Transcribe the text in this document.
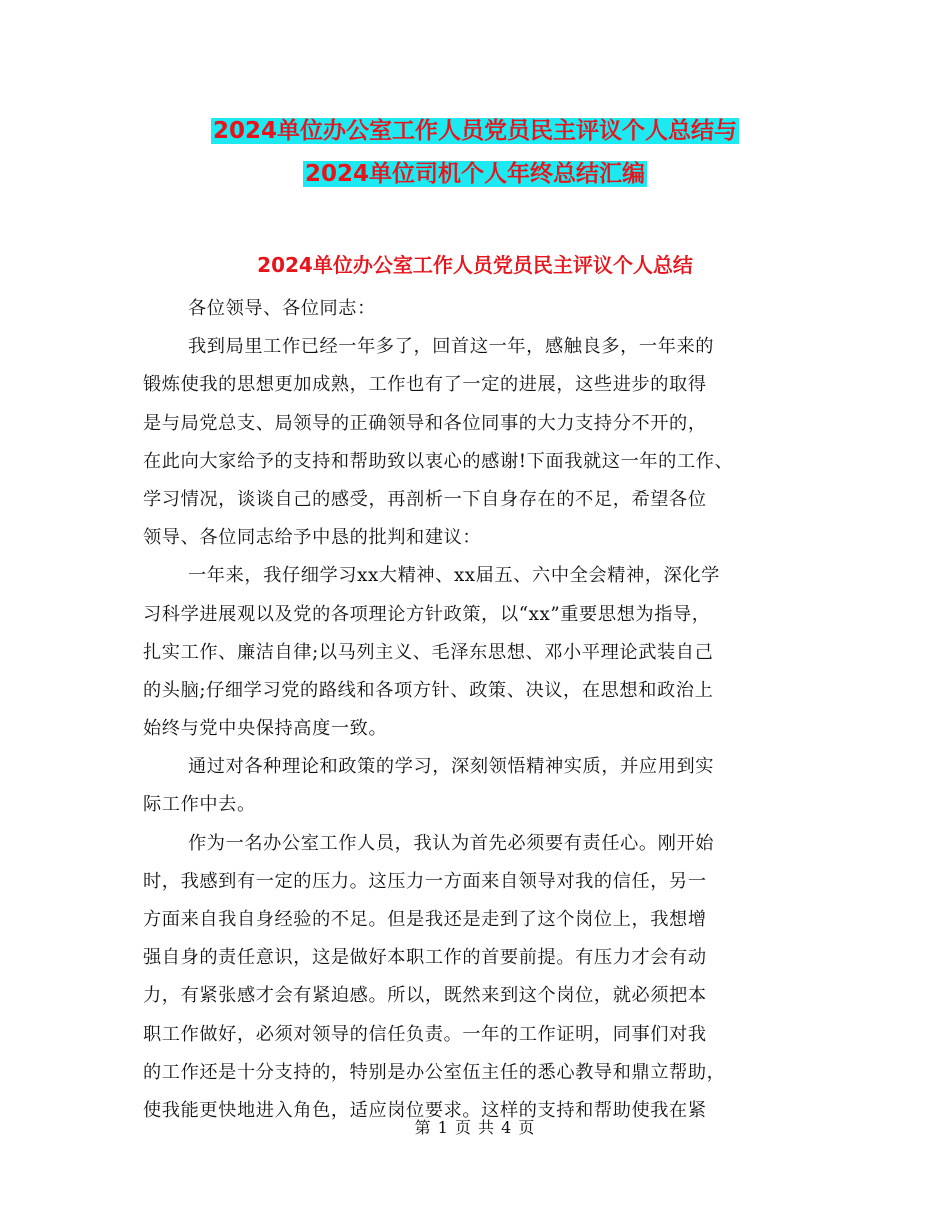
2024单位办公室工作人员党员民主评议个人总结与
2024单位司机个人年终总结汇编
2024单位办公室工作人员党员民主评议个人总结
各位领导、各位同志：
我到局里工作已经一年多了，回首这一年，感触良多，一年来的
锻炼使我的思想更加成熟，工作也有了一定的进展，这些进步的取得
是与局党总支、局领导的正确领导和各位同事的大力支持分不开的，
在此向大家给予的支持和帮助致以衷心的感谢!下面我就这一年的工作、
学习情况，谈谈自己的感受，再剖析一下自身存在的不足，希望各位
领导、各位同志给予中恳的批判和建议：
一年来，我仔细学习xx大精神、xx届五、六中全会精神，深化学
习科学进展观以及党的各项理论方针政策，以“xx”重要思想为指导，
扎实工作、廉洁自律;以马列主义、毛泽东思想、邓小平理论武装自己
的头脑;仔细学习党的路线和各项方针、政策、决议，在思想和政治上
始终与党中央保持高度一致。
通过对各种理论和政策的学习，深刻领悟精神实质，并应用到实
际工作中去。
作为一名办公室工作人员，我认为首先必须要有责任心。刚开始
时，我感到有一定的压力。这压力一方面来自领导对我的信任，另一
方面来自我自身经验的不足。但是我还是走到了这个岗位上，我想增
强自身的责任意识，这是做好本职工作的首要前提。有压力才会有动
力，有紧张感才会有紧迫感。所以，既然来到这个岗位，就必须把本
职工作做好，必须对领导的信任负责。一年的工作证明，同事们对我
的工作还是十分支持的，特别是办公室伍主任的悉心教导和鼎立帮助，
使我能更快地进入角色，适应岗位要求。这样的支持和帮助使我在紧
第 1 页 共 4 页
